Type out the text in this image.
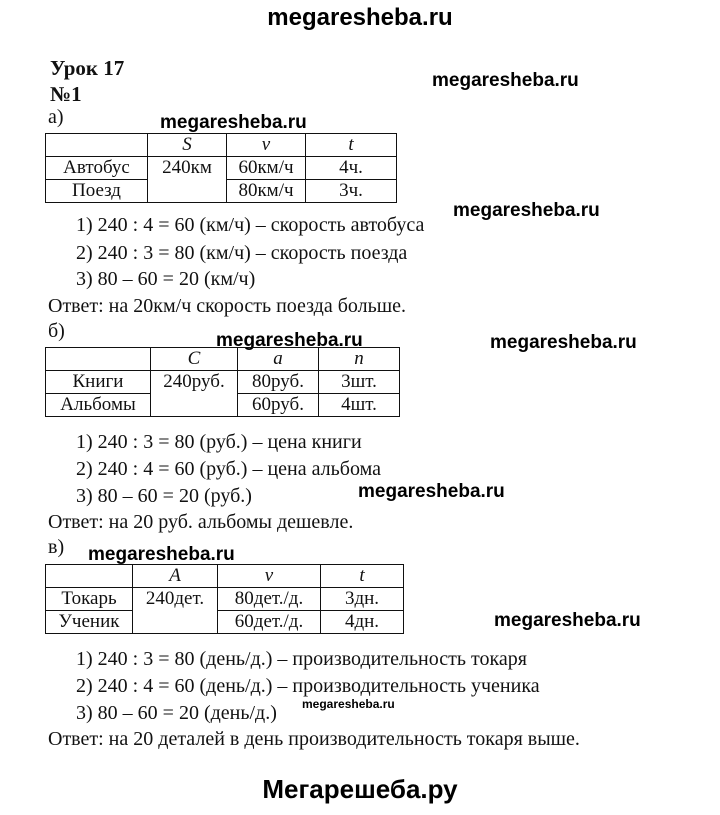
megaresheba.ru
megaresheba.ru
megaresheba.ru
megaresheba.ru
megaresheba.ru	megaresheba.ru
megaresheba.ru
megaresheba.ru
megaresheba.ru
megaresheba.ru
Мегарешеба.ру
Урок 17
№1
а)
	S	v	t
Автобус	240км	60км/ч	4ч.
Поезд		80км/ч	3ч.
1) 240 : 4 = 60 (км/ч) – скорость автобуса
2) 240 : 3 = 80 (км/ч) – скорость поезда
3) 80 – 60 = 20 (км/ч)
Ответ: на 20км/ч скорость поезда больше.
б)
	C	a	n
Книги	240руб.	80руб.	3шт.
Альбомы		60руб.	4шт.
1) 240 : 3 = 80 (руб.) – цена книги
2) 240 : 4 = 60 (руб.) – цена альбома
3) 80 – 60 = 20 (руб.)
Ответ: на 20 руб. альбомы дешевле.
в)
	A	v	t
Токарь	240дет.	80дет./д.	3дн.
Ученик		60дет./д.	4дн.
1) 240 : 3 = 80 (день/д.) – производительность токаря
2) 240 : 4 = 60 (день/д.) – производительность ученика
3) 80 – 60 = 20 (день/д.)
Ответ: на 20 деталей в день производительность токаря выше.
